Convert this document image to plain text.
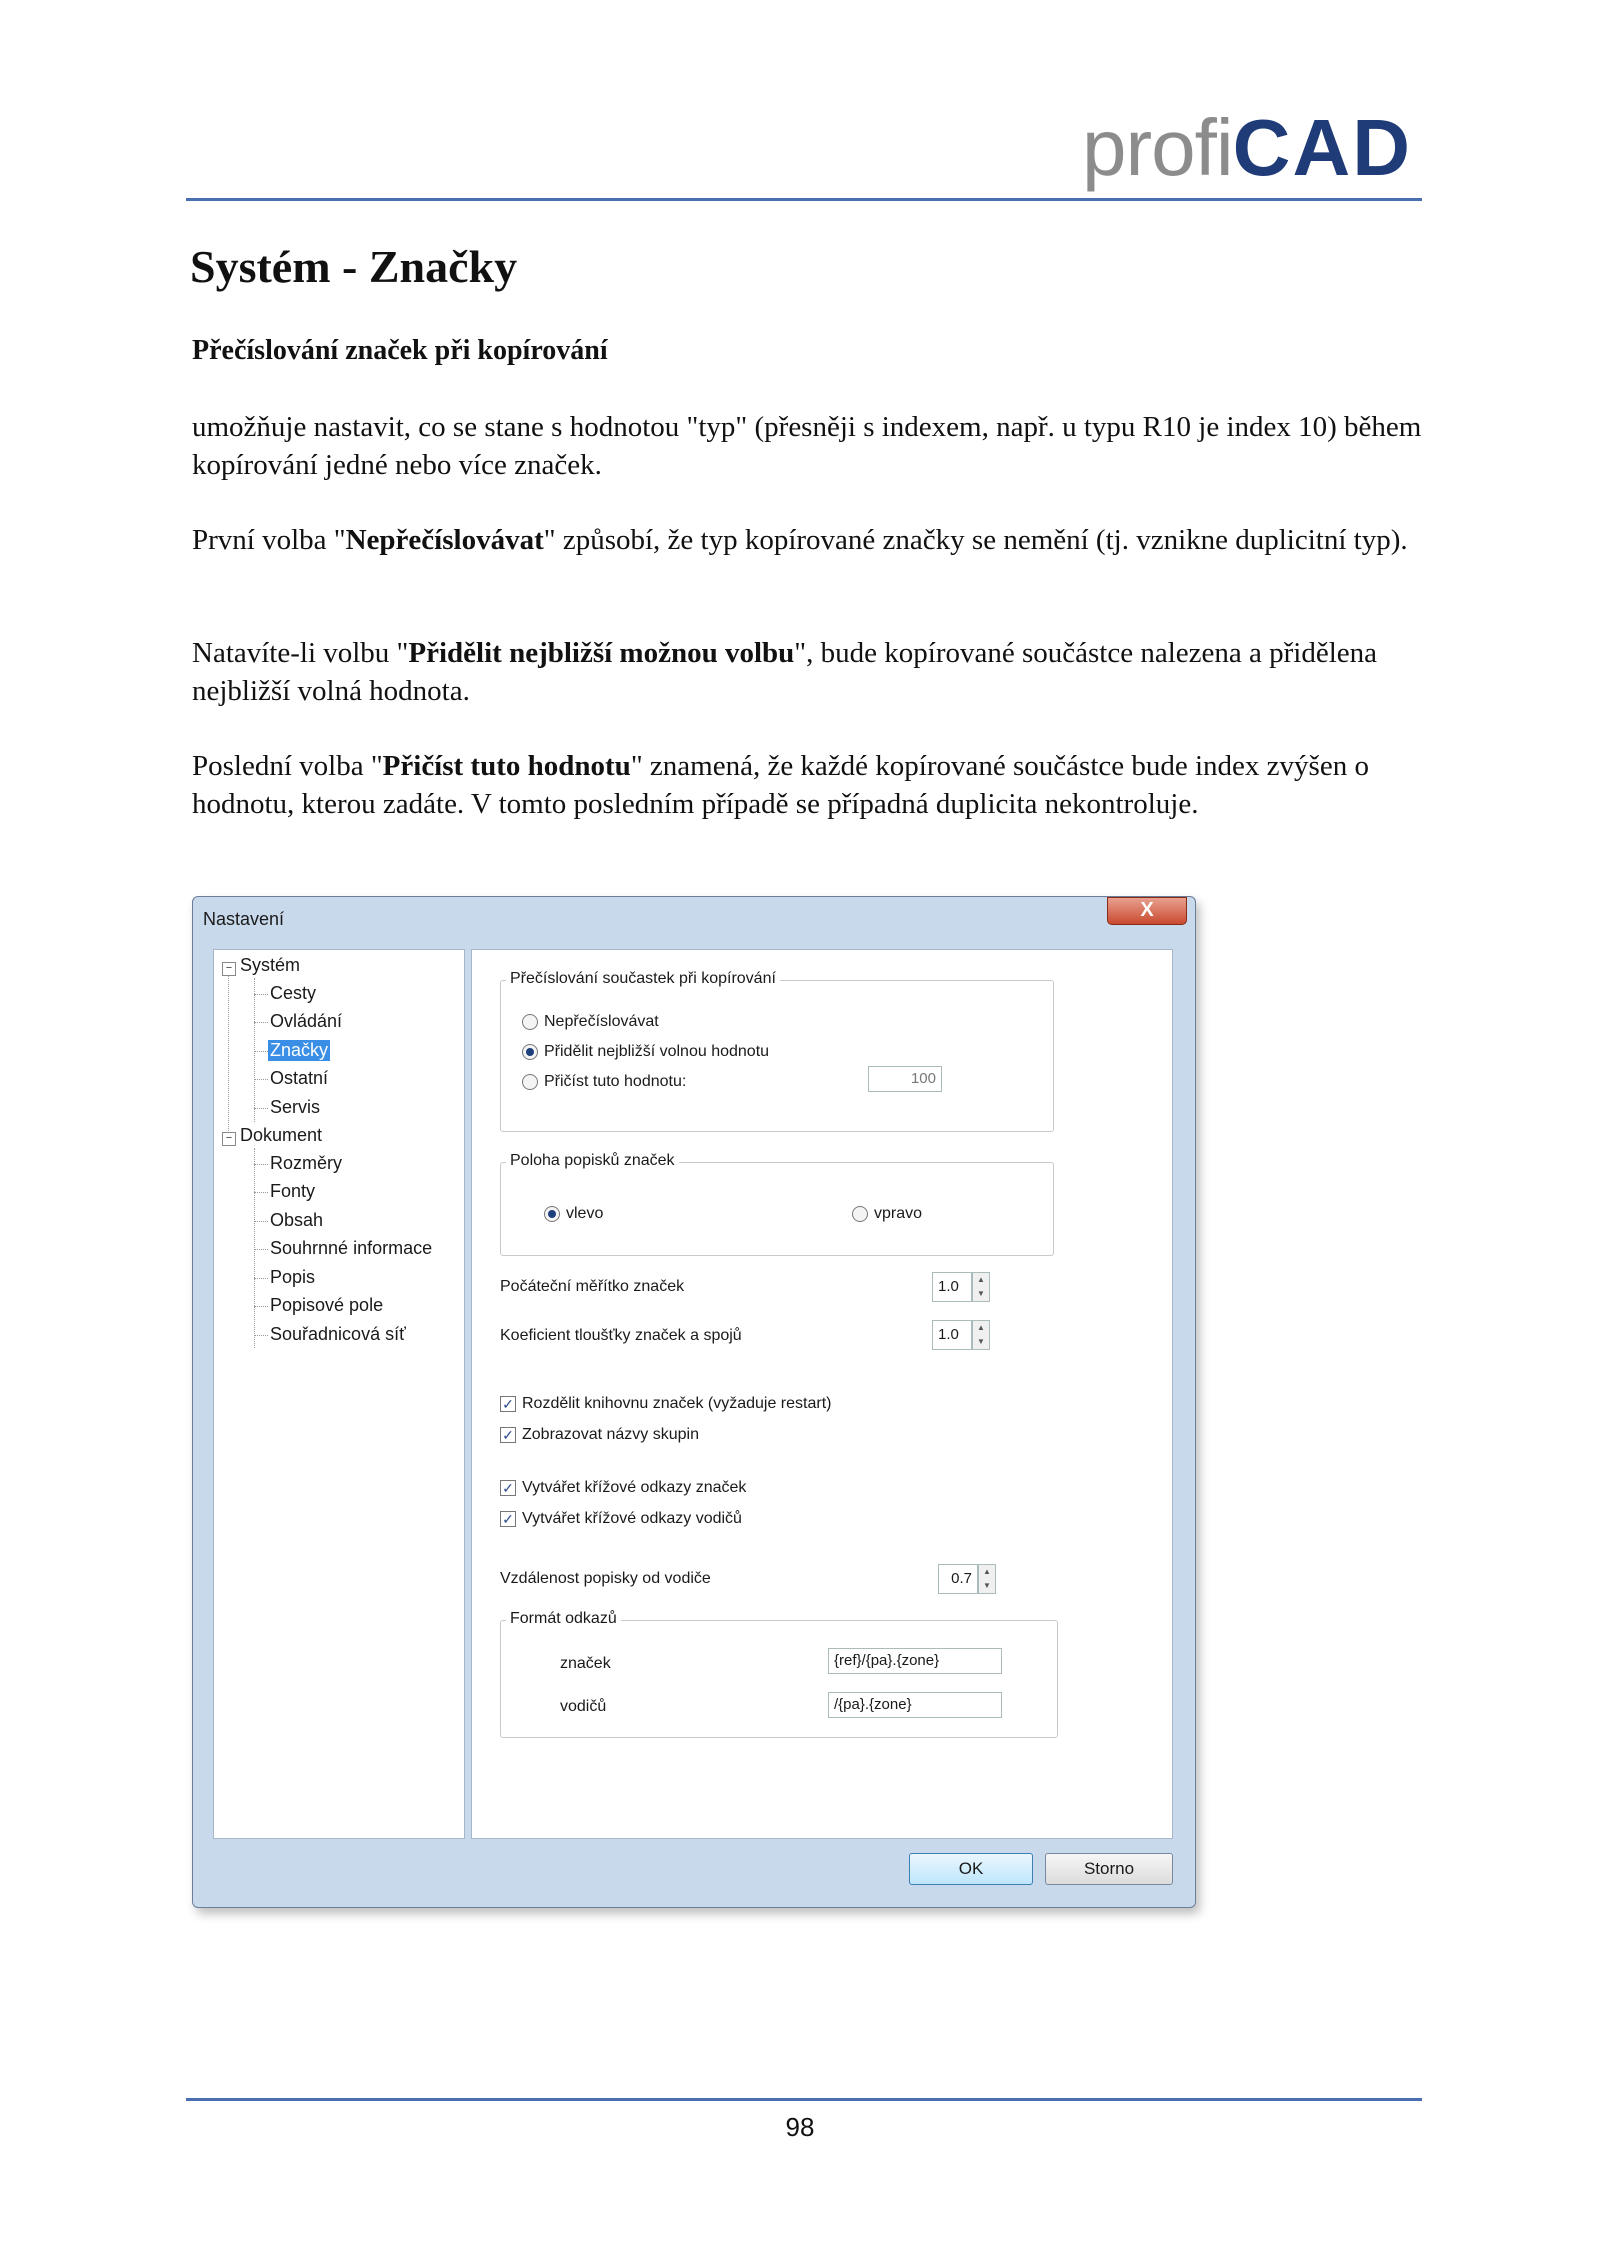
profiCAD
Systém - Značky
Přečíslování značek při kopírování

umožňuje nastavit, co se stane s hodnotou "typ" (přesněji s indexem, např. u typu R10 je index 10) během kopírování jedné nebo více značek.

První volba "Nepřečíslovávat" způsobí, že typ kopírované značky se nemění (tj. vznikne duplicitní typ).

Natavíte-li volbu "Přidělit nejbližší možnou volbu", bude kopírované součástce nalezena a přidělena nejbližší volná hodnota.

Poslední volba "Přičíst tuto hodnotu" znamená, že každé kopírované součástce bude index zvýšen o hodnotu, kterou zadáte. V tomto posledním případě se případná duplicita nekontroluje.

Nastavení	X
− Systém
Cesty
Ovládání
Značky
Ostatní
Servis
− Dokument
Rozměry
Fonty
Obsah
Souhrnné informace
Popis
Popisové pole
Souřadnicová síť
Přečíslování součastek při kopírování
Nepřečíslovávat
Přidělit nejbližší volnou hodnotu
Přičíst tuto hodnotu:	100
Poloha popisků značek
vlevo	vpravo
Počáteční měřítko značek	1.0	▲
▼
Koeficient tloušťky značek a spojů	1.0	▲
▼
✓ Rozdělit knihovnu značek (vyžaduje restart)
✓ Zobrazovat názvy skupin
✓ Vytvářet křížové odkazy značek
✓ Vytvářet křížové odkazy vodičů
Vzdálenost popisky od vodiče	0.7	▲
▼
Formát odkazů
značek	{ref}/{pa}.{zone}
vodičů	/{pa}.{zone}
OK	Storno
98
